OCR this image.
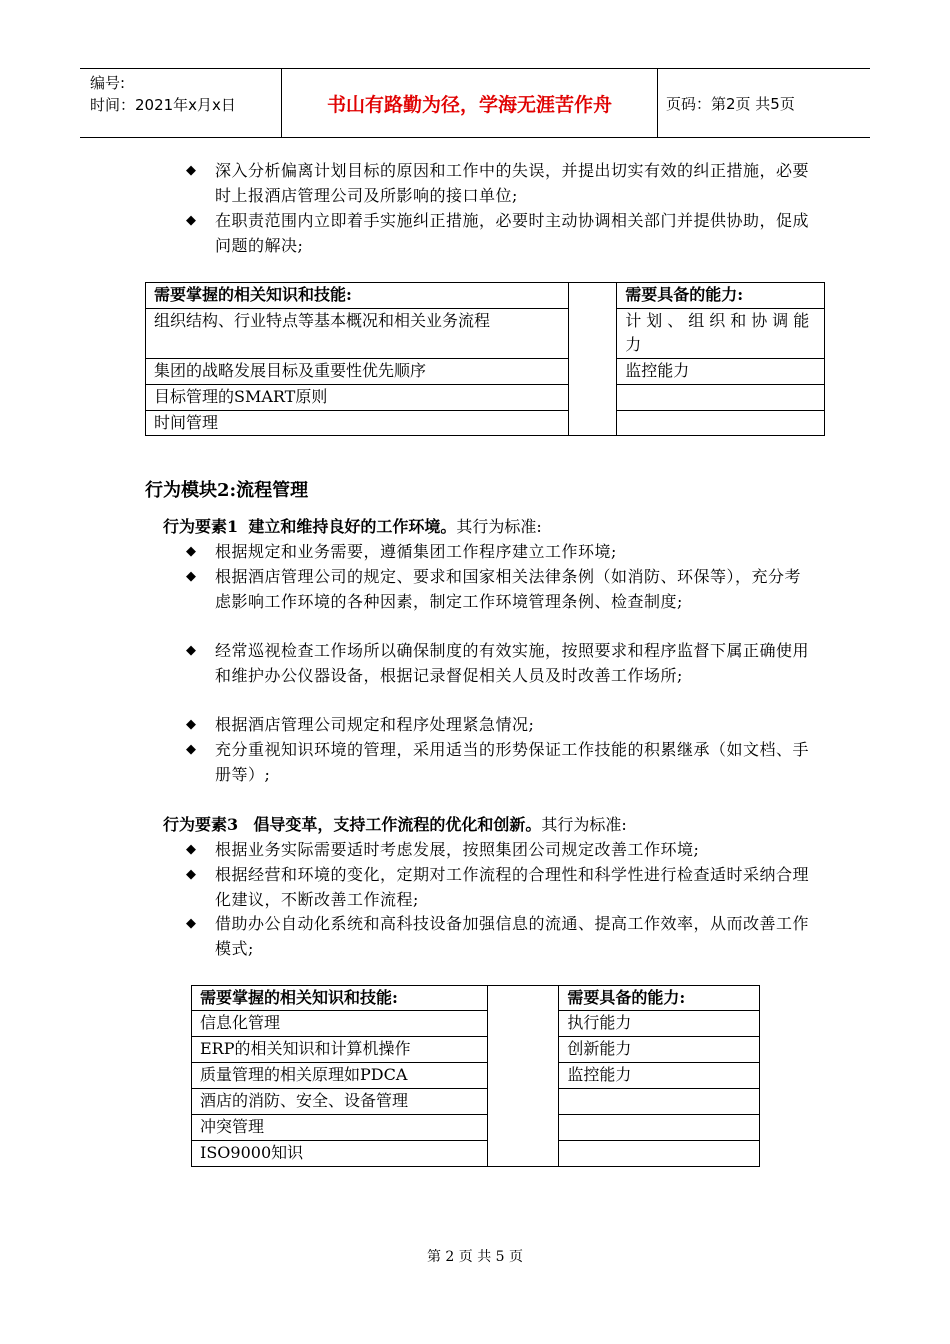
编号:
时间：2021年x月x日	书山有路勤为径，学海无涯苦作舟	页码：第2页 共5页
◆ 深入分析偏离计划目标的原因和工作中的失误，并提出切实有效的纠正措施，必要时上报酒店管理公司及所影响的接口单位;
◆ 在职责范围内立即着手实施纠正措施，必要时主动协调相关部门并提供协助，促成问题的解决;
需要掌握的相关知识和技能:		需要具备的能力:
组织结构、行业特点等基本概况和相关业务流程		计划、组织和协调能力
集团的战略发展目标及重要性优先顺序		监控能力
目标管理的SMART原则		
时间管理		
行为模块2:流程管理
行为要素1 建立和维持良好的工作环境。其行为标准:
◆ 根据规定和业务需要，遵循集团工作程序建立工作环境;
◆ 根据酒店管理公司的规定、要求和国家相关法律条例（如消防、环保等），充分考虑影响工作环境的各种因素，制定工作环境管理条例、检查制度;
◆ 经常巡视检查工作场所以确保制度的有效实施，按照要求和程序监督下属正确使用和维护办公仪器设备，根据记录督促相关人员及时改善工作场所;
◆ 根据酒店管理公司规定和程序处理紧急情况;
◆ 充分重视知识环境的管理，采用适当的形势保证工作技能的积累继承（如文档、手册等）;
行为要素3 倡导变革，支持工作流程的优化和创新。其行为标准:
◆ 根据业务实际需要适时考虑发展，按照集团公司规定改善工作环境;
◆ 根据经营和环境的变化，定期对工作流程的合理性和科学性进行检查适时采纳合理化建议，不断改善工作流程;
◆ 借助办公自动化系统和高科技设备加强信息的流通、提高工作效率，从而改善工作模式;
需要掌握的相关知识和技能:		需要具备的能力:
信息化管理		执行能力
ERP的相关知识和计算机操作		创新能力
质量管理的相关原理如PDCA		监控能力
酒店的消防、安全、设备管理		
冲突管理		
ISO9000知识		
第 2 页 共 5 页
